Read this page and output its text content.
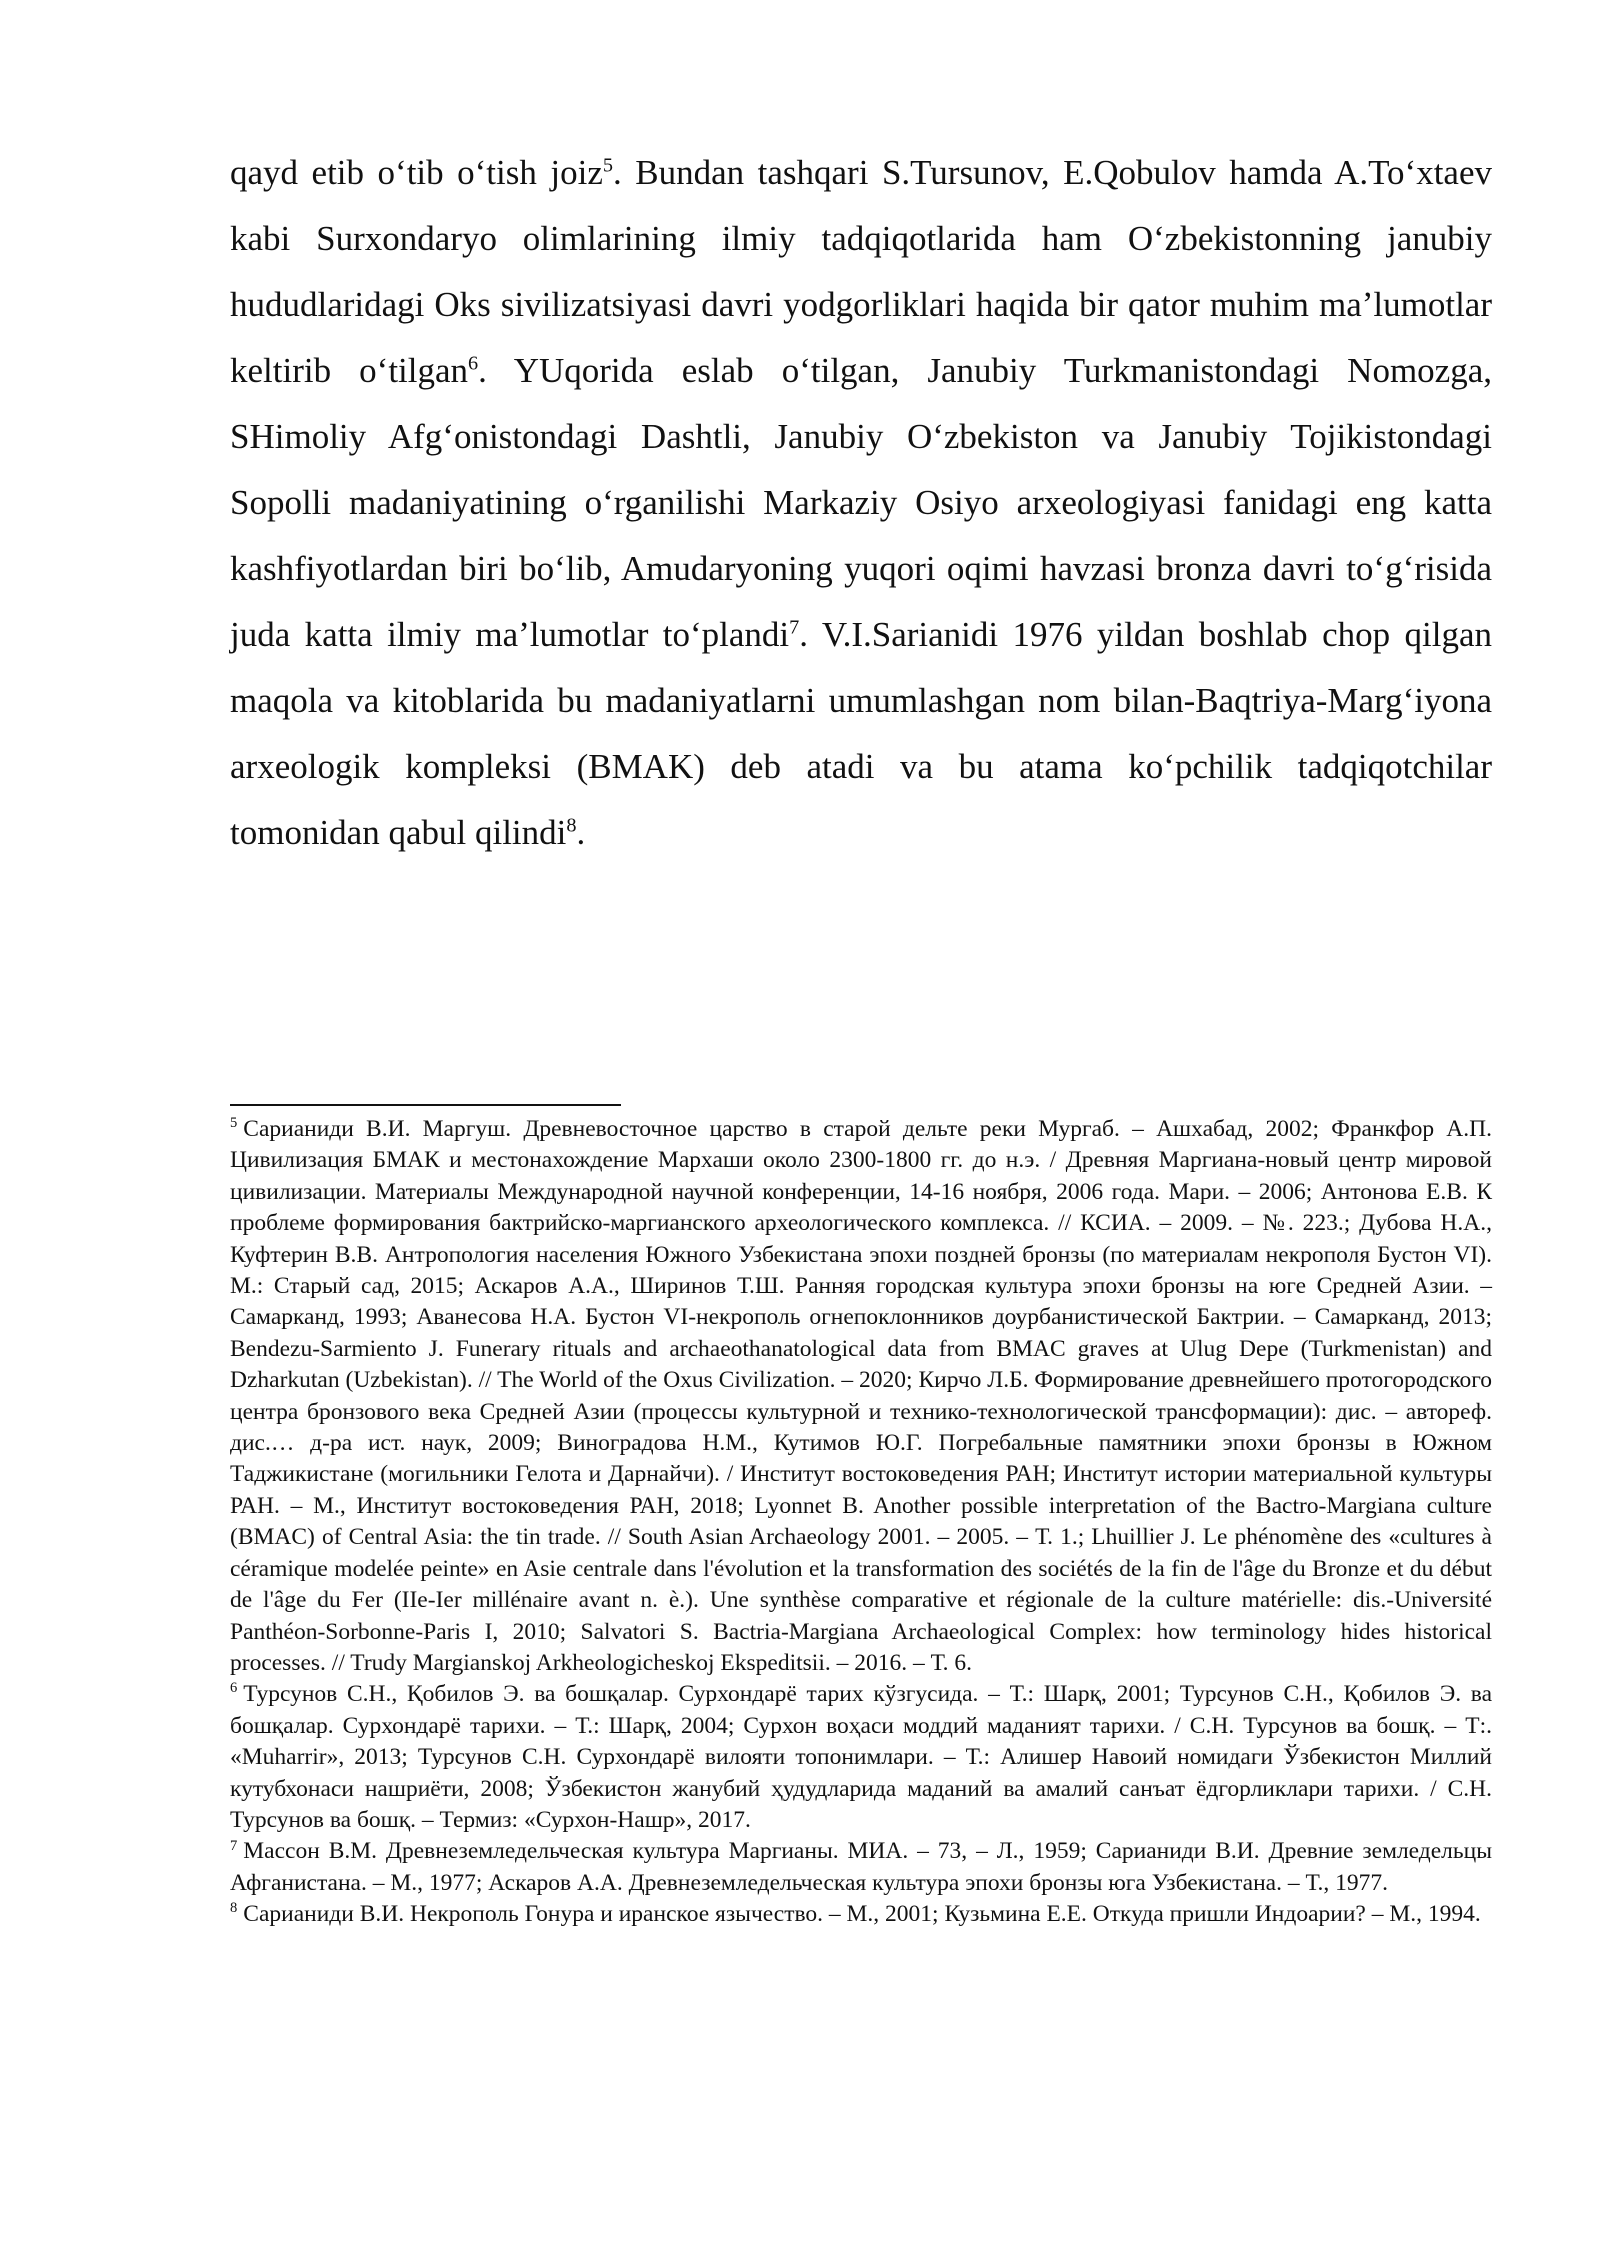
qayd etib oʻtib oʻtish joiz$^5$. Bundan tashqari S.Tursunov, E.Qobulov hamda A.Toʻxtaev kabi Surxondaryo olimlarining ilmiy tadqiqotlarida ham Oʻzbekistonning janubiy hududlaridagi Oks sivilizatsiyasi davri yodgorliklari haqida bir qator muhim maʼlumotlar keltirib oʻtilgan$^6$. YUqorida eslab oʻtilgan, Janubiy Turkmanistondagi Nomozga, SHimoliy Afgʻonistondagi Dashtli, Janubiy Oʻzbekiston va Janubiy Tojikistondagi Sopolli madaniyatining oʻrganilishi Markaziy Osiyo arxeologiyasi fanidagi eng katta kashfiyotlardan biri boʻlib, Amudaryoning yuqori oqimi havzasi bronza davri toʻgʻrisida juda katta ilmiy maʼlumotlar toʻplandi$^7$. V.I.Sarianidi 1976 yildan boshlab chop qilgan maqola va kitoblarida bu madaniyatlarni umumlashgan nom bilan-Baqtriya-Margʻiyona arxeologik kompleksi (BMAK) deb atadi va bu atama koʻpchilik tadqiqotchilar tomonidan qabul qilindi$^8$.

$^5$ Сарианиди В.И. Маргуш. Древневосточное царство в старой дельте реки Мургаб. – Ашхабад, 2002; Франкфор А.П. Цивилизация БМАК и местонахождение Мархаши около 2300-1800 гг. до н.э. / Древняя Маргиана-новый центр мировой цивилизации. Материалы Международной научной конференции, 14-16 ноября, 2006 года. Мари. – 2006; Антонова Е.В. К проблеме формирования бактрийско-маргианского археологического комплекса. // КСИА. – 2009. – №. 223.; Дубова Н.А., Куфтерин В.В. Антропология населения Южного Узбекистана эпохи поздней бронзы (по материалам некрополя Бустон VI). М.: Старый сад, 2015; Аскаров А.А., Ширинов Т.Ш. Ранняя городская культура эпохи бронзы на юге Средней Азии. – Самарканд, 1993; Аванесова Н.А. Бустон VI-некрополь огнепоклонников доурбанистической Бактрии. – Самарканд, 2013; Bendezu-Sarmiento J. Funerary rituals and archaeothanatological data from BMAC graves at Ulug Depe (Turkmenistan) and Dzharkutan (Uzbekistan). // The World of the Oxus Civilization. – 2020; Кирчо Л.Б. Формирование древнейшего протогородского центра бронзового века Средней Азии (процессы культурной и технико-технологической трансформации): дис. – автореф. дис.… д-ра ист. наук, 2009; Виноградова Н.М., Кутимов Ю.Г. Погребальные памятники эпохи бронзы в Южном Таджикистане (могильники Гелота и Дарнайчи). / Институт востоковедения РАН; Институт истории материальной культуры РАН. – М., Институт востоковедения РАН, 2018; Lyonnet B. Another possible interpretation of the Bactro-Margiana culture (BMAC) of Central Asia: the tin trade. // South Asian Archaeology 2001. – 2005. – Т. 1.; Lhuillier J. Le phénomène des «cultures à céramique modelée peinte» en Asie centrale dans l'évolution et la transformation des sociétés de la fin de l'âge du Bronze et du début de l'âge du Fer (IIe-Ier millénaire avant n. è.). Une synthèse comparative et régionale de la culture matérielle: dis.-Université Panthéon-Sorbonne-Paris I, 2010; Salvatori S. Bactria-Margiana Archaeological Complex: how terminology hides historical processes. // Trudy Margianskoj Arkheologicheskoj Ekspeditsii. – 2016. – Т. 6.

$^6$ Турсунов С.Н., Қобилов Э. ва бошқалар. Сурхондарё тарих кўзгусида. – Т.: Шарқ, 2001; Турсунов С.Н., Қобилов Э. ва бошқалар. Сурхондарё тарихи. – Т.: Шарқ, 2004; Сурхон воҳаси моддий маданият тарихи. / С.Н. Турсунов ва бошқ. – Т:. «Muharrir», 2013; Турсунов С.Н. Сурхондарё вилояти топонимлари. – Т.: Алишер Навоий номидаги Ўзбекистон Миллий кутубхонаси нашриёти, 2008; Ўзбекистон жанубий ҳудудларида маданий ва амалий санъат ёдгорликлари тарихи. / С.Н. Турсунов ва бошқ. – Термиз: «Сурхон-Нашр», 2017.

$^7$ Массон В.М. Древнеземледельческая культура Маргианы. МИА. – 73, – Л., 1959; Сарианиди В.И. Древние земледельцы Афганистана. – М., 1977; Аскаров А.А. Древнеземледельческая культура эпохи бронзы юга Узбекистана. – Т., 1977.

$^8$ Сарианиди В.И. Некрополь Гонура и иранское язычество. – М., 2001; Кузьмина Е.Е. Откуда пришли Индоарии? – М., 1994.
